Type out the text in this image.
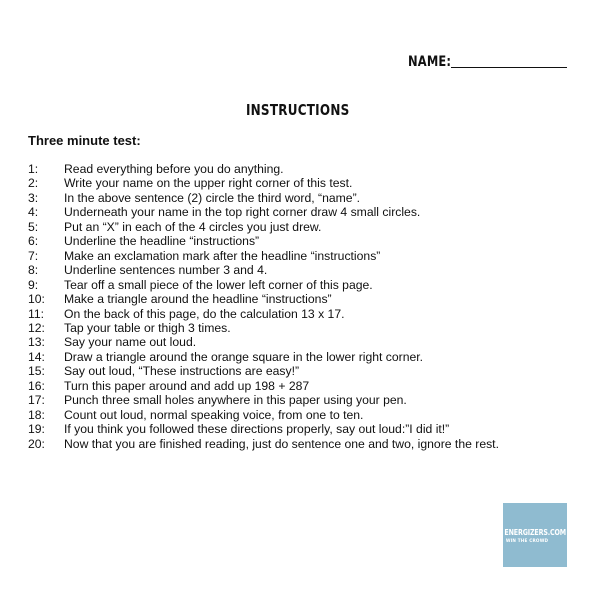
NAME:
INSTRUCTIONS
Three minute test:
1:	Read everything before you do anything.
2:	Write your name on the upper right corner of this test.
3:	In the above sentence (2) circle the third word, “name”.
4:	Underneath your name in the top right corner draw 4 small circles.
5:	Put an “X” in each of the 4 circles you just drew.
6:	Underline the headline “instructions”
7:	Make an exclamation mark after the headline “instructions”
8:	Underline sentences number 3 and 4.
9:	Tear off a small piece of the lower left corner of this page.
10:	Make a triangle around the headline “instructions”
11:	On the back of this page, do the calculation 13 x 17.
12:	Tap your table or thigh 3 times.
13:	Say your name out loud.
14:	Draw a triangle around the orange square in the lower right corner.
15:	Say out loud, “These instructions are easy!”
16:	Turn this paper around and add up 198 + 287
17:	Punch three small holes anywhere in this paper using your pen.
18:	Count out loud, normal speaking voice, from one to ten.
19:	If you think you followed these directions properly, say out loud:”I did it!”
20:	Now that you are finished reading, just do sentence one and two, ignore the rest.
ENERGIZERS.COM
WIN THE CROWD
